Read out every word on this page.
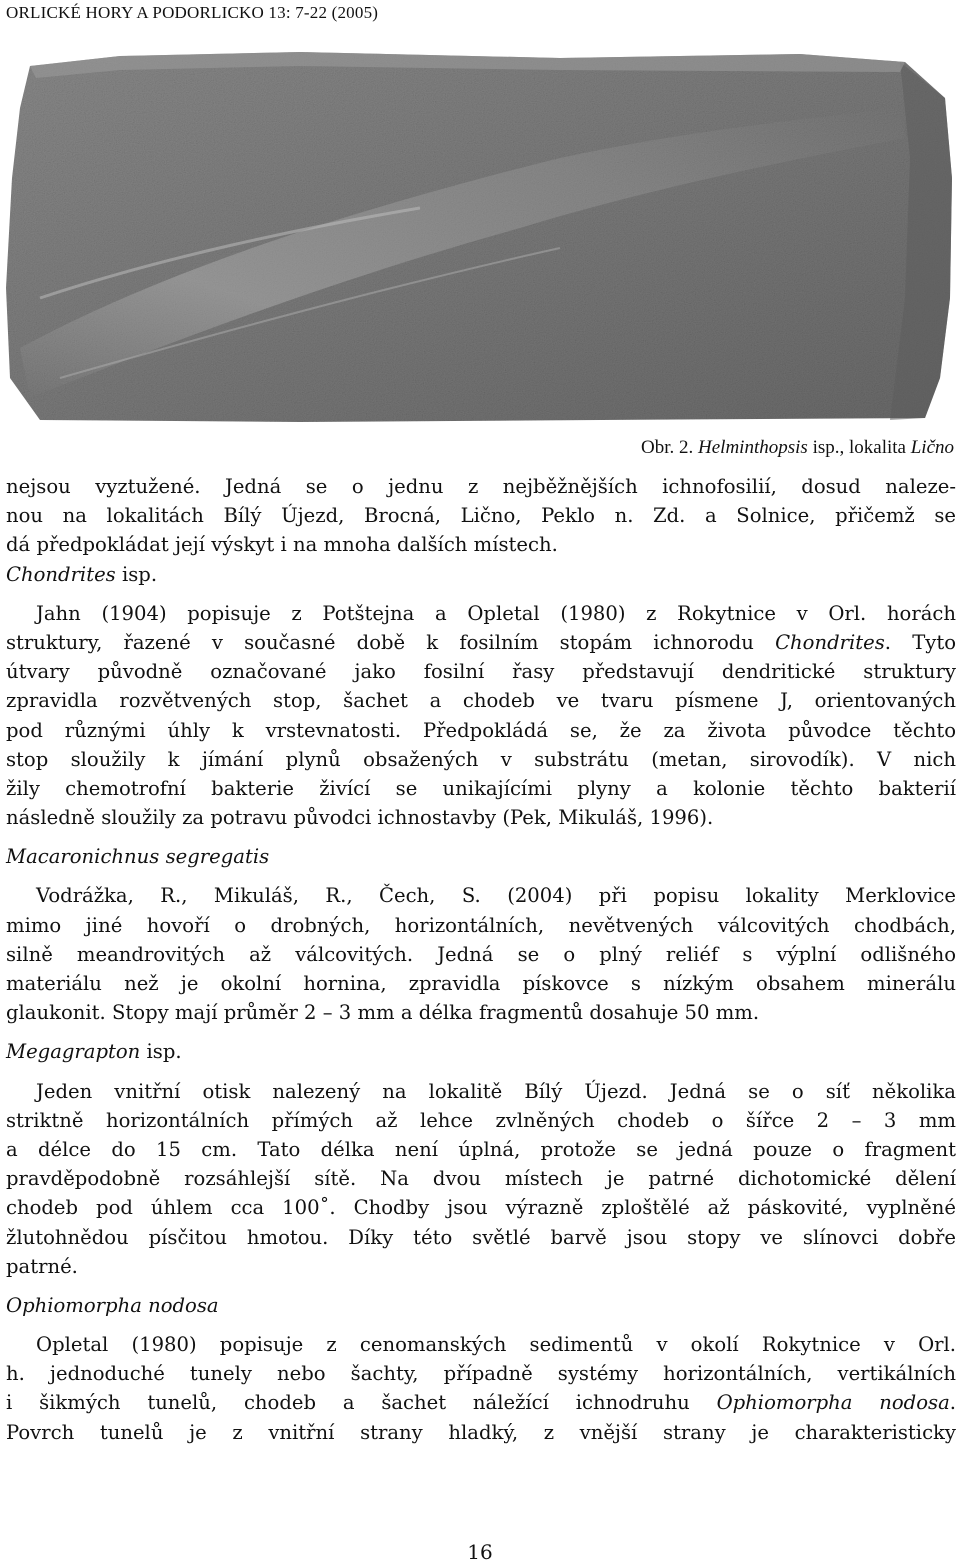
ORLICKÉ HORY A PODORLICKO 13: 7-22 (2005)
Obr. 2. Helminthopsis isp., lokalita Lično
nejsou vyztužené. Jedná se o jednu z nejběžnějších ichnofosilií, dosud naleze-
nou na lokalitách Bílý Újezd, Brocná, Lično, Peklo n. Zd. a Solnice, přičemž se
dá předpokládat její výskyt i na mnoha dalších místech.
Chondrites isp.
Jahn (1904) popisuje z Potštejna a Opletal (1980) z Rokytnice v Orl. horách
struktury, řazené v současné době k fosilním stopám ichnorodu Chondrites. Tyto
útvary původně označované jako fosilní řasy představují dendritické struktury
zpravidla rozvětvených stop, šachet a chodeb ve tvaru písmene J, orientovaných
pod různými úhly k vrstevnatosti. Předpokládá se, že za života původce těchto
stop sloužily k jímání plynů obsažených v substrátu (metan, sirovodík). V nich
žily chemotrofní bakterie živící se unikajícími plyny a kolonie těchto bakterií
následně sloužily za potravu původci ichnostavby (Pek, Mikuláš, 1996).
Macaronichnus segregatis
Vodrážka, R., Mikuláš, R., Čech, S. (2004) při popisu lokality Merklovice
mimo jiné hovoří o drobných, horizontálních, nevětvených válcovitých chodbách,
silně meandrovitých až válcovitých. Jedná se o plný reliéf s výplní odlišného
materiálu než je okolní hornina, zpravidla pískovce s nízkým obsahem minerálu
glaukonit. Stopy mají průměr 2 – 3 mm a délka fragmentů dosahuje 50 mm.
Megagrapton isp.
Jeden vnitřní otisk nalezený na lokalitě Bílý Újezd. Jedná se o síť několika
striktně horizontálních přímých až lehce zvlněných chodeb o šířce 2 – 3 mm
a délce do 15 cm. Tato délka není úplná, protože se jedná pouze o fragment
pravděpodobně rozsáhlejší sítě. Na dvou místech je patrné dichotomické dělení
chodeb pod úhlem cca 100˚. Chodby jsou výrazně zploštělé až páskovité, vyplněné
žlutohnědou písčitou hmotou. Díky této světlé barvě jsou stopy ve slínovci dobře
patrné.
Ophiomorpha nodosa
Opletal (1980) popisuje z cenomanských sedimentů v okolí Rokytnice v Orl.
h. jednoduché tunely nebo šachty, případně systémy horizontálních, vertikálních
i šikmých tunelů, chodeb a šachet náležící ichnodruhu Ophiomorpha nodosa.
Povrch tunelů je z vnitřní strany hladký, z vnější strany je charakteristicky
16
